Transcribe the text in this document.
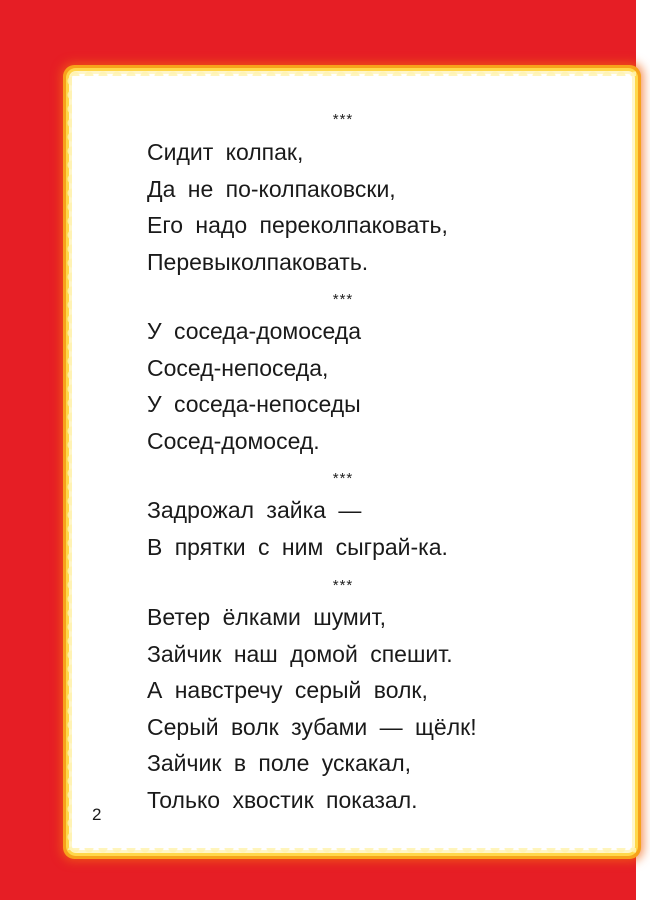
***
Сидит колпак,
Да не по-колпаковски,
Его надо переколпаковать,
Перевыколпаковать.
***
У соседа-домоседа
Сосед-непоседа,
У соседа-непоседы
Сосед-домосед.
***
Задрожал зайка —
В прятки с ним сыграй-ка.
***
Ветер ёлками шумит,
Зайчик наш домой спешит.
А навстречу серый волк,
Серый волк зубами — щёлк!
Зайчик в поле ускакал,
Только хвостик показал.
2
